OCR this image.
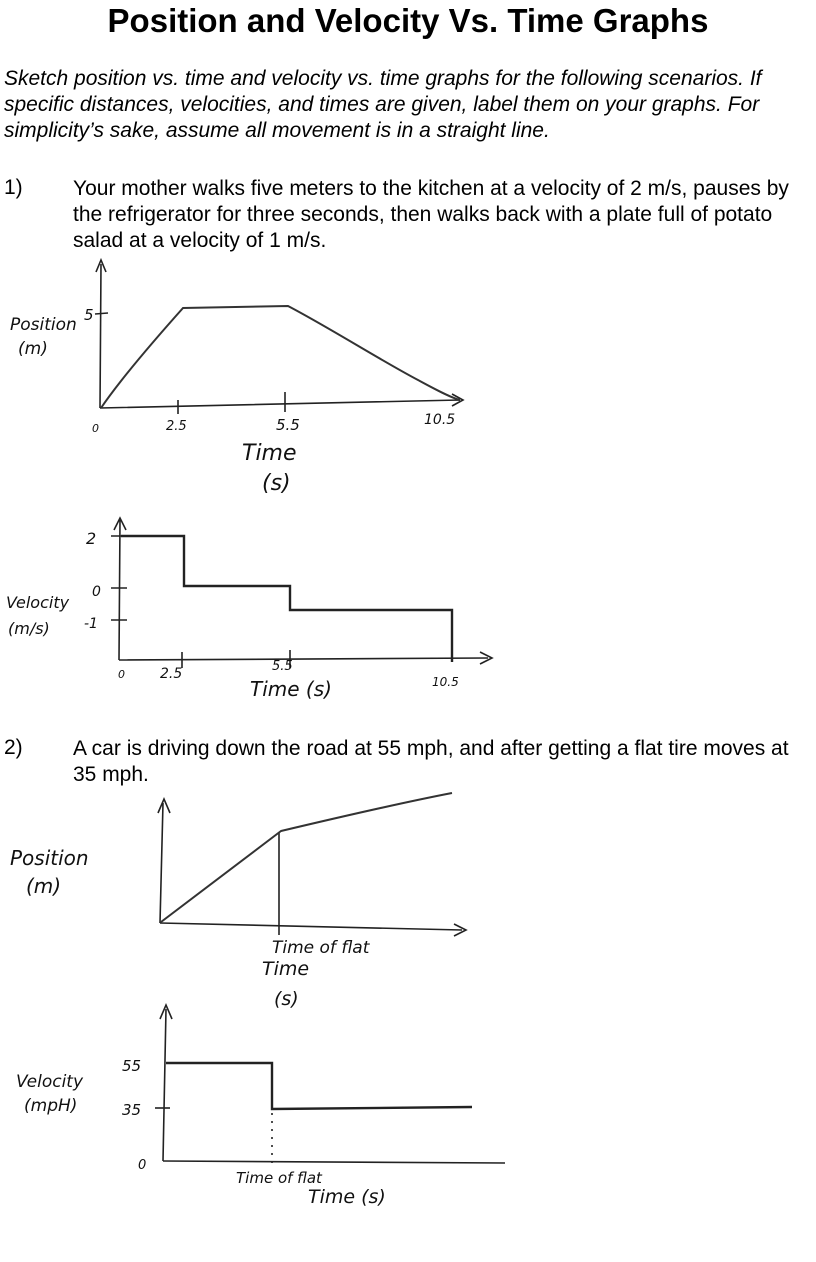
Position and Velocity Vs. Time Graphs

Sketch position vs. time and velocity vs. time graphs for the following scenarios. If specific distances, velocities, and times are given, label them on your graphs. For simplicity’s sake, assume all movement is in a straight line.

1) Your mother walks five meters to the kitchen at a velocity of 2 m/s, pauses by the refrigerator for three seconds, then walks back with a plate full of potato salad at a velocity of 1 m/s.

Position
(m)
5
0	2.5	5.5	10.5
Time
(s)
Velocity
(m/s)
2
0
-1
0	2.5	5.5
10.5
Time (s)
2) A car is driving down the road at 55 mph, and after getting a flat tire moves at 35 mph.

Position
(m)
Time of flat
Time
(s)
Velocity
(mpH)
55
35
0
Time of flat
Time (s)
